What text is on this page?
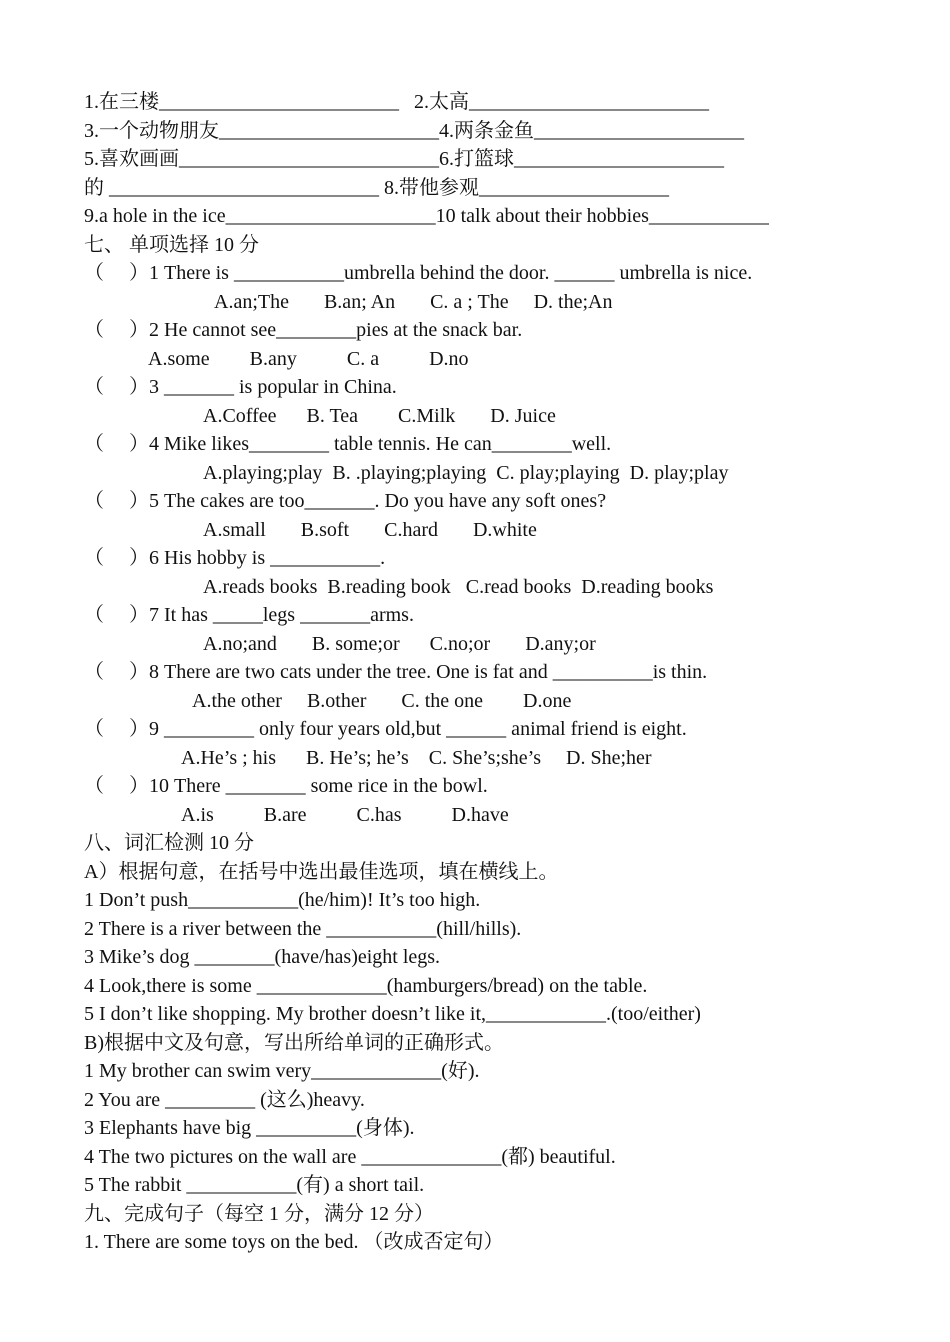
1.在三楼________________________   2.太高________________________
3.一个动物朋友______________________4.两条金鱼_____________________
5.喜欢画画__________________________6.打篮球_____________________
的 ___________________________ 8.带他参观___________________
9.a hole in the ice_____________________10 talk about their hobbies____________
七、 单项选择 10 分
（     ）1 There is ___________umbrella behind the door. ______ umbrella is nice.
A.an;The       B.an; An       C. a ; The     D. the;An
（     ）2 He cannot see________pies at the snack bar.
A.some        B.any          C. a          D.no
（     ）3 _______ is popular in China.
A.Coffee      B. Tea        C.Milk       D. Juice
（     ）4 Mike likes________ table tennis. He can________well.
A.playing;play  B. .playing;playing  C. play;playing  D. play;play
（     ）5 The cakes are too_______. Do you have any soft ones?
A.small       B.soft       C.hard       D.white
（     ）6 His hobby is ___________.
A.reads books  B.reading book   C.read books  D.reading books
（     ）7 It has _____legs _______arms.
A.no;and       B. some;or      C.no;or       D.any;or
（     ）8 There are two cats under the tree. One is fat and __________is thin.
A.the other     B.other       C. the one        D.one
（     ）9 _________ only four years old,but ______ animal friend is eight.
A.He’s ; his      B. He’s; he’s    C. She’s;she’s     D. She;her
（     ）10 There ________ some rice in the bowl.
A.is          B.are          C.has          D.have
八、词汇检测 10 分
A）根据句意，在括号中选出最佳选项，填在横线上。
1 Don’t push___________(he/him)! It’s too high.
2 There is a river between the ___________(hill/hills).
3 Mike’s dog ________(have/has)eight legs.
4 Look,there is some _____________(hamburgers/bread) on the table.
5 I don’t like shopping. My brother doesn’t like it,____________.(too/either)
B)根据中文及句意，写出所给单词的正确形式。
1 My brother can swim very_____________(好).
2 You are _________ (这么)heavy.
3 Elephants have big __________(身体).
4 The two pictures on the wall are ______________(都) beautiful.
5 The rabbit ___________(有) a short tail.
九、完成句子（每空 1 分，满分 12 分）
1. There are some toys on the bed. （改成否定句）
